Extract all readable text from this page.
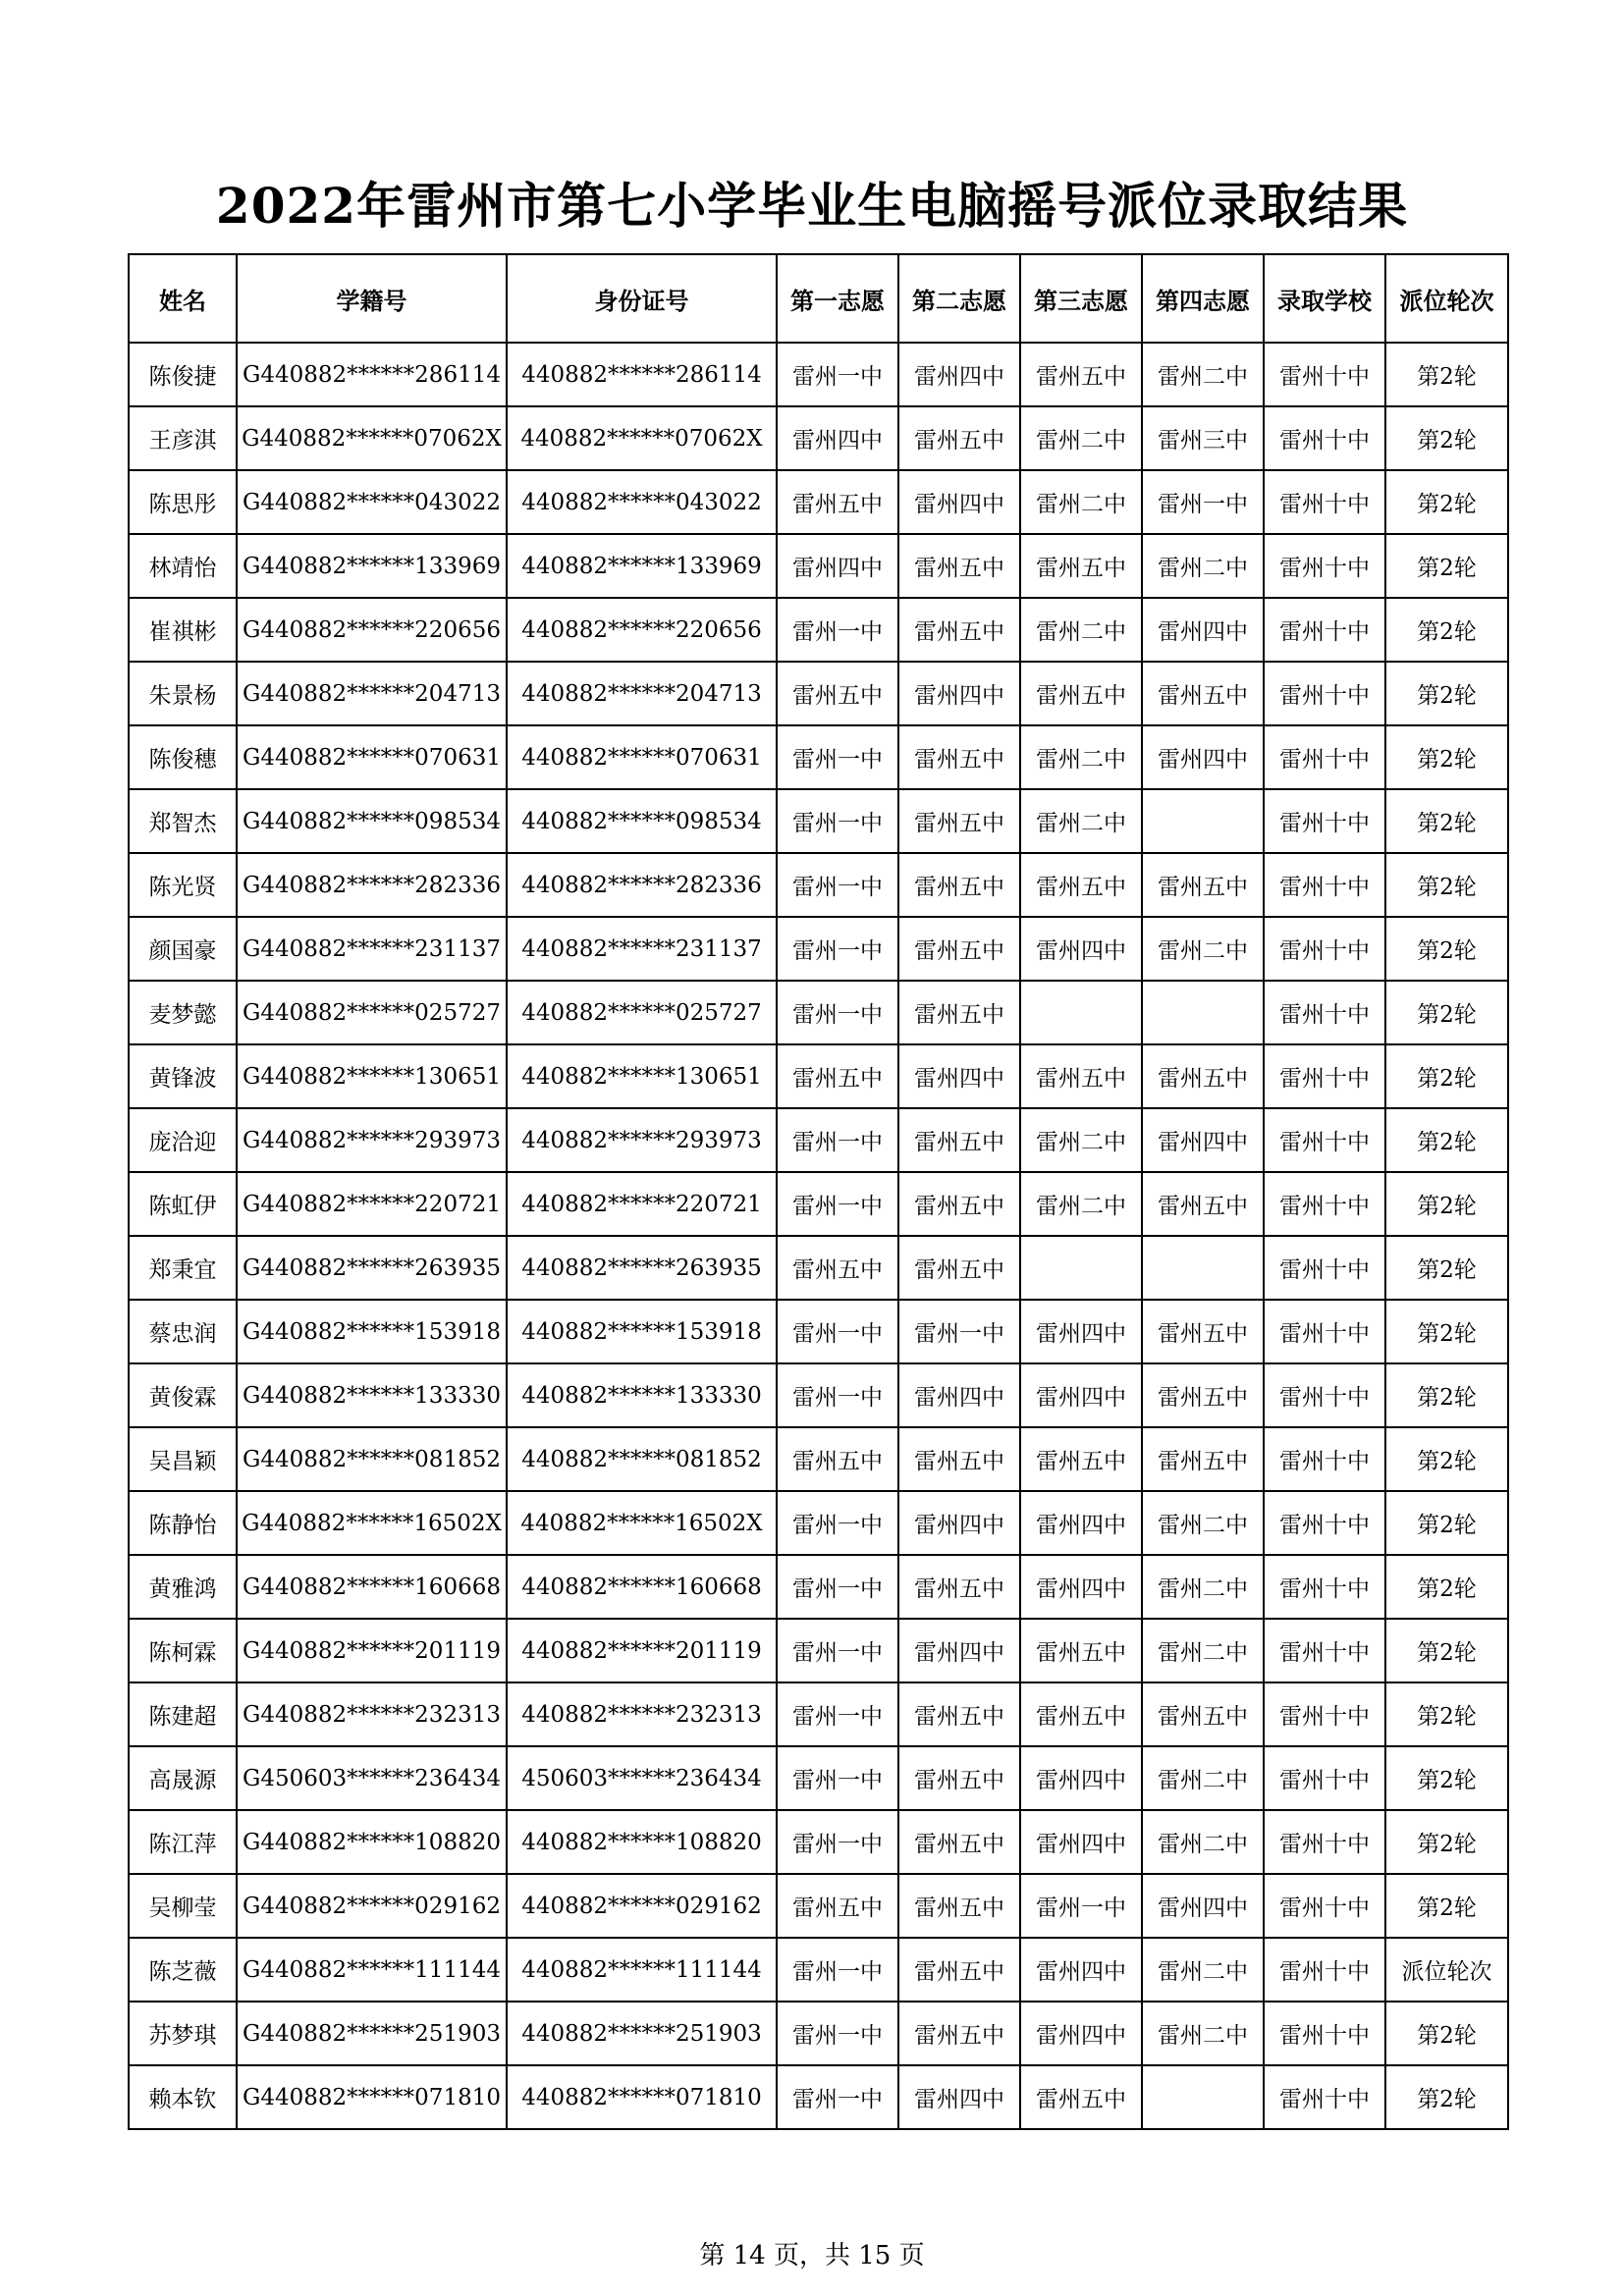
2022年雷州市第七小学毕业生电脑摇号派位录取结果
姓名	学籍号	身份证号	第一志愿	第二志愿	第三志愿	第四志愿	录取学校	派位轮次
陈俊捷	G440882******286114	440882******286114	雷州一中	雷州四中	雷州五中	雷州二中	雷州十中	第2轮
王彦淇	G440882******07062X	440882******07062X	雷州四中	雷州五中	雷州二中	雷州三中	雷州十中	第2轮
陈思彤	G440882******043022	440882******043022	雷州五中	雷州四中	雷州二中	雷州一中	雷州十中	第2轮
林靖怡	G440882******133969	440882******133969	雷州四中	雷州五中	雷州五中	雷州二中	雷州十中	第2轮
崔祺彬	G440882******220656	440882******220656	雷州一中	雷州五中	雷州二中	雷州四中	雷州十中	第2轮
朱景杨	G440882******204713	440882******204713	雷州五中	雷州四中	雷州五中	雷州五中	雷州十中	第2轮
陈俊穗	G440882******070631	440882******070631	雷州一中	雷州五中	雷州二中	雷州四中	雷州十中	第2轮
郑智杰	G440882******098534	440882******098534	雷州一中	雷州五中	雷州二中		雷州十中	第2轮
陈光贤	G440882******282336	440882******282336	雷州一中	雷州五中	雷州五中	雷州五中	雷州十中	第2轮
颜国豪	G440882******231137	440882******231137	雷州一中	雷州五中	雷州四中	雷州二中	雷州十中	第2轮
麦梦懿	G440882******025727	440882******025727	雷州一中	雷州五中			雷州十中	第2轮
黄锋波	G440882******130651	440882******130651	雷州五中	雷州四中	雷州五中	雷州五中	雷州十中	第2轮
庞洽迎	G440882******293973	440882******293973	雷州一中	雷州五中	雷州二中	雷州四中	雷州十中	第2轮
陈虹伊	G440882******220721	440882******220721	雷州一中	雷州五中	雷州二中	雷州五中	雷州十中	第2轮
郑秉宜	G440882******263935	440882******263935	雷州五中	雷州五中			雷州十中	第2轮
蔡忠润	G440882******153918	440882******153918	雷州一中	雷州一中	雷州四中	雷州五中	雷州十中	第2轮
黄俊霖	G440882******133330	440882******133330	雷州一中	雷州四中	雷州四中	雷州五中	雷州十中	第2轮
吴昌颖	G440882******081852	440882******081852	雷州五中	雷州五中	雷州五中	雷州五中	雷州十中	第2轮
陈静怡	G440882******16502X	440882******16502X	雷州一中	雷州四中	雷州四中	雷州二中	雷州十中	第2轮
黄雅鸿	G440882******160668	440882******160668	雷州一中	雷州五中	雷州四中	雷州二中	雷州十中	第2轮
陈柯霖	G440882******201119	440882******201119	雷州一中	雷州四中	雷州五中	雷州二中	雷州十中	第2轮
陈建超	G440882******232313	440882******232313	雷州一中	雷州五中	雷州五中	雷州五中	雷州十中	第2轮
高晟源	G450603******236434	450603******236434	雷州一中	雷州五中	雷州四中	雷州二中	雷州十中	第2轮
陈江萍	G440882******108820	440882******108820	雷州一中	雷州五中	雷州四中	雷州二中	雷州十中	第2轮
吴柳莹	G440882******029162	440882******029162	雷州五中	雷州五中	雷州一中	雷州四中	雷州十中	第2轮
陈芝薇	G440882******111144	440882******111144	雷州一中	雷州五中	雷州四中	雷州二中	雷州十中	派位轮次
苏梦琪	G440882******251903	440882******251903	雷州一中	雷州五中	雷州四中	雷州二中	雷州十中	第2轮
赖本钦	G440882******071810	440882******071810	雷州一中	雷州四中	雷州五中		雷州十中	第2轮
第 14 页，共 15 页
